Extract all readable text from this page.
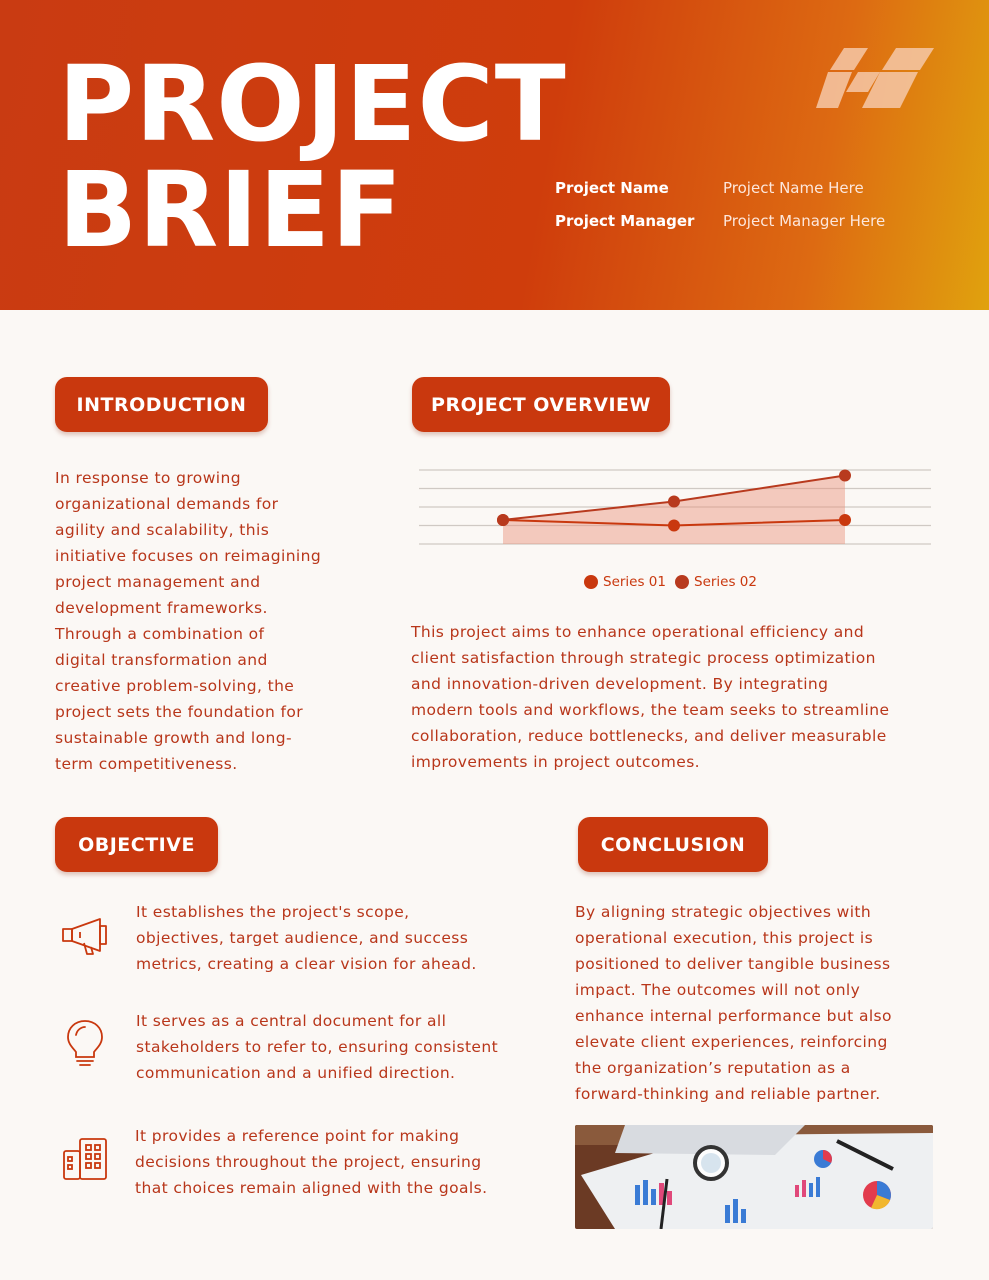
PROJECT
BRIEF	Project Name	Project Name Here
Project Manager Project Manager Here
INTRODUCTION
In response to growing
organizational demands for
agility and scalability, this
initiative focuses on reimagining
project management and
development frameworks.
Through a combination of
digital transformation and
creative problem-solving, the
project sets the foundation for
sustainable growth and long-
term competitiveness.
PROJECT OVERVIEW
Series 01 Series 02
This project aims to enhance operational efficiency and
client satisfaction through strategic process optimization
and innovation-driven development. By integrating
modern tools and workflows, the team seeks to streamline
collaboration, reduce bottlenecks, and deliver measurable
improvements in project outcomes.
OBJECTIVE
It establishes the project's scope,
objectives, target audience, and success
metrics, creating a clear vision for ahead.
It serves as a central document for all
stakeholders to refer to, ensuring consistent
communication and a unified direction.
It provides a reference point for making
decisions throughout the project, ensuring
that choices remain aligned with the goals.
CONCLUSION
By aligning strategic objectives with
operational execution, this project is
positioned to deliver tangible business
impact. The outcomes will not only
enhance internal performance but also
elevate client experiences, reinforcing
the organization’s reputation as a
forward-thinking and reliable partner.
